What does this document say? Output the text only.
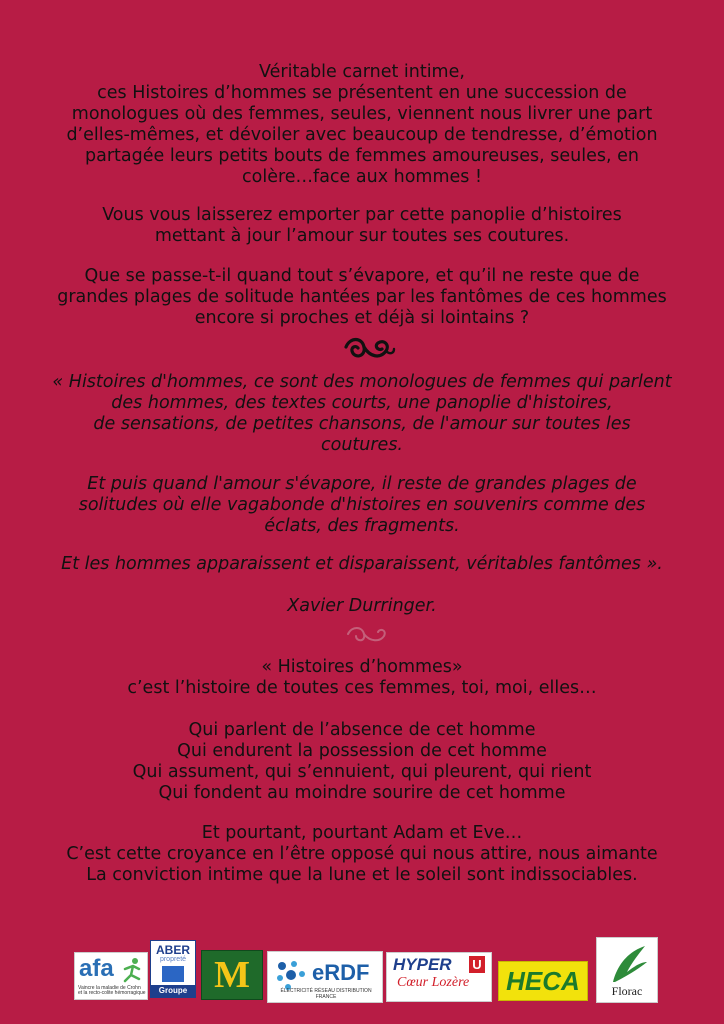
Véritable carnet intime,
ces Histoires d’hommes se présentent en une succession de
monologues où des femmes, seules, viennent nous livrer une part
d’elles-mêmes, et dévoiler avec beaucoup de tendresse, d’émotion
partagée leurs petits bouts de femmes amoureuses, seules, en
colère…face aux hommes !
Vous vous laisserez emporter par cette panoplie d’histoires
mettant à jour l’amour sur toutes ses coutures.
Que se passe-t-il quand tout s’évapore, et qu’il ne reste que de
grandes plages de solitude hantées par les fantômes de ces hommes
encore si proches et déjà si lointains ?
« Histoires d'hommes, ce sont des monologues de femmes qui parlent
des hommes, des textes courts, une panoplie d'histoires,
de sensations, de petites chansons, de l'amour sur toutes les
coutures.
Et puis quand l'amour s'évapore, il reste de grandes plages de
solitudes où elle vagabonde d'histoires en souvenirs comme des
éclats, des fragments.
Et les hommes apparaissent et disparaissent, véritables fantômes ».
Xavier Durringer.
« Histoires d’hommes»
c’est l’histoire de toutes ces femmes, toi, moi, elles…
Qui parlent de l’absence de cet homme
Qui endurent la possession de cet homme
Qui assument, qui s’ennuient, qui pleurent, qui rient
Qui fondent au moindre sourire de cet homme
Et pourtant, pourtant Adam et Eve…
C’est cette croyance en l’être opposé qui nous attire, nous aimante
La conviction intime que la lune et le soleil sont indissociables.
afa
Vaincre la maladie de Crohn et la recto-colite hémorragique
ABER
propreté
Groupe M	eRDF
ÉLECTRICITÉ RÉSEAU DISTRIBUTION FRANCE
HYPER U
Cœur Lozère HECA	Florac
